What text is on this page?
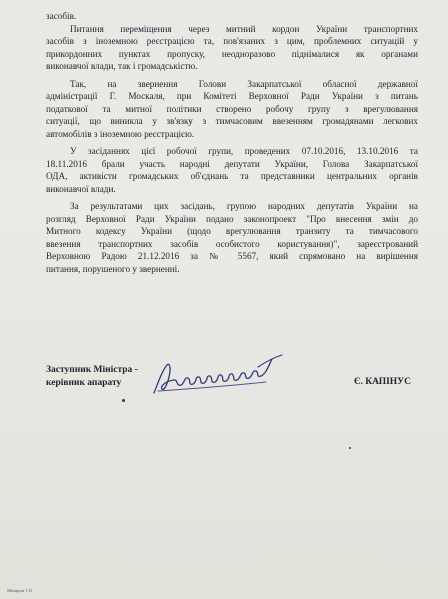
засобів.
Питання переміщення через митний кордон України транспортних
засобів з іноземною реєстрацією та, пов'язаних з цим, проблемних ситуацій у
прикордонних пунктах пропуску, неодноразово піднімалися як органами
виконавчої влади, так і громадськістю.
Так, на звернення Голови Закарпатської обласної державної
адміністрації Г. Москаля, при Комітеті Верховної Ради України з питань
податкової та митної політики створено робочу групу з врегулювання
ситуації, що виникла у зв'язку з тимчасовим ввезенням громадянами легкових
автомобілів з іноземною реєстрацією.
У засіданнях цієї робочої групи, проведених 07.10.2016, 13.10.2016 та
18.11.2016 брали участь народні депутати України, Голова Закарпатської
ОДА, активісти громадських об'єднань та представники центральних органів
виконавчої влади.
За результатами цих засідань, групою народних депутатів України на
розгляд Верховної Ради України подано законопроект "Про внесення змін до
Митного кодексу України (щодо врегулювання транзиту та тимчасового
ввезення транспортних засобів особистого користування)", зареєстрований
Верховною Радою 21.12.2016 за № 5567, який спрямовано на вирішення
питання, порушеного у зверненні.
Заступник Міністра -
керівник апарату	Є. КАПІНУС
Мінпром 1 II
